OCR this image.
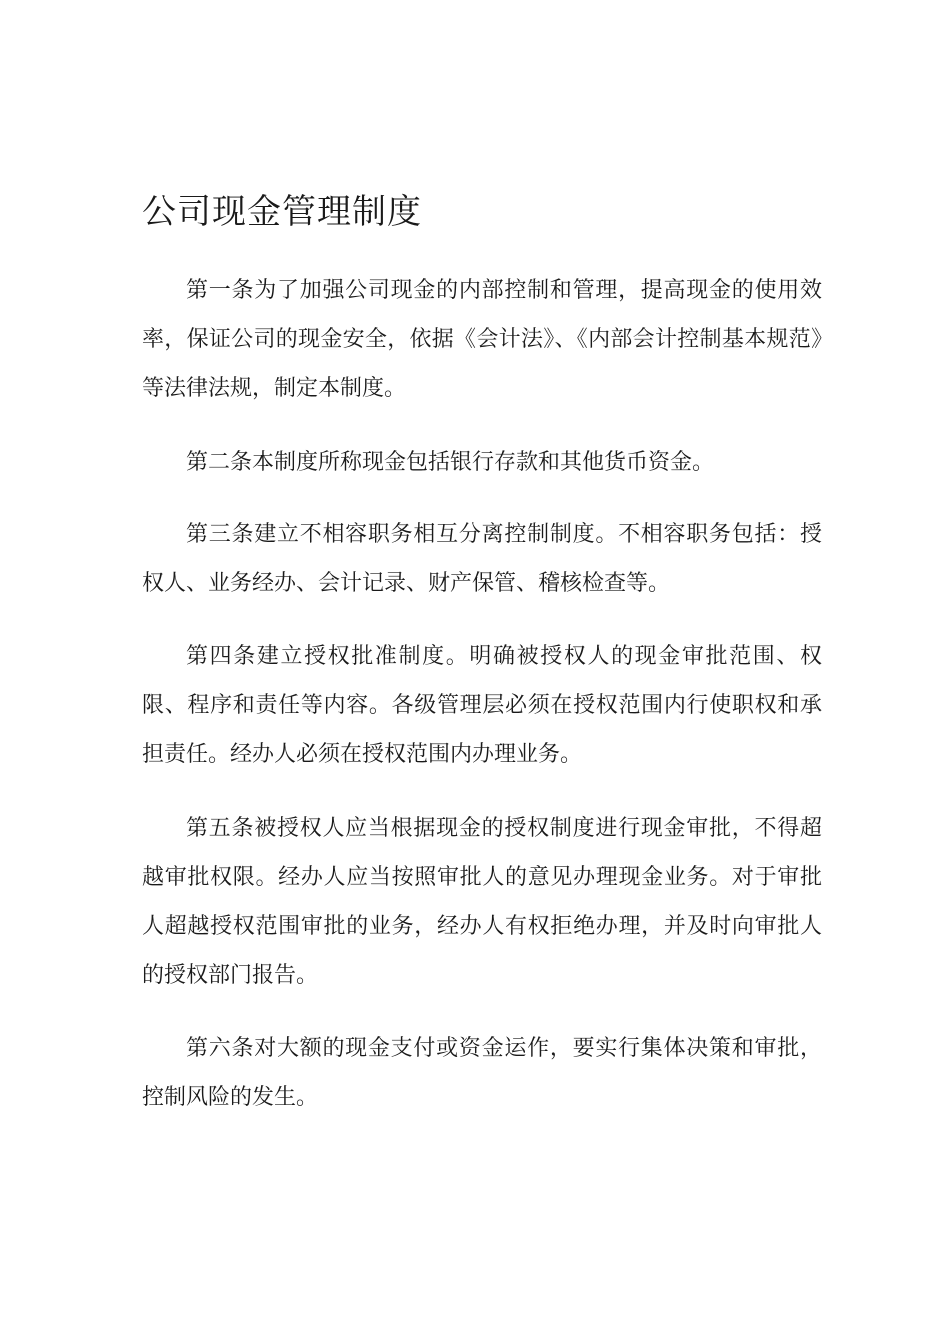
公司现金管理制度

第一条为了加强公司现金的内部控制和管理，提高现金的使用效率，保证公司的现金安全，依据《会计法》、《内部会计控制基本规范》等法律法规，制定本制度。

第二条本制度所称现金包括银行存款和其他货币资金。

第三条建立不相容职务相互分离控制制度。不相容职务包括：授权人、业务经办、会计记录、财产保管、稽核检查等。

第四条建立授权批准制度。明确被授权人的现金审批范围、权限、程序和责任等内容。各级管理层必须在授权范围内行使职权和承担责任。经办人必须在授权范围内办理业务。

第五条被授权人应当根据现金的授权制度进行现金审批，不得超越审批权限。经办人应当按照审批人的意见办理现金业务。对于审批人超越授权范围审批的业务，经办人有权拒绝办理，并及时向审批人的授权部门报告。

第六条对大额的现金支付或资金运作，要实行集体决策和审批，控制风险的发生。
